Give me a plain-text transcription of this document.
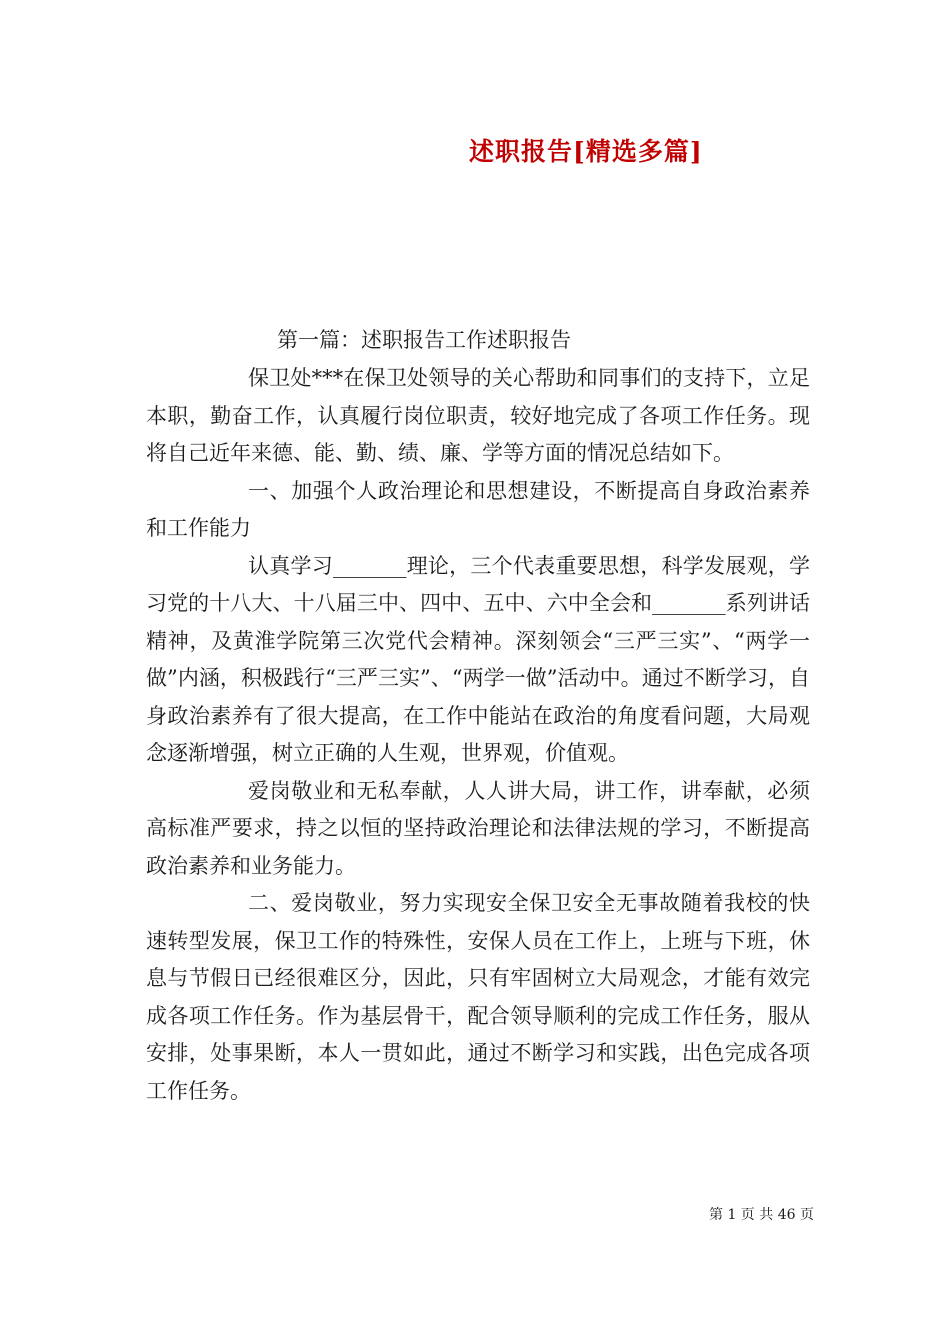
述职报告[精选多篇]
第一篇：述职报告工作述职报告

保卫处***在保卫处领导的关心帮助和同事们的支持下，立足本职，勤奋工作，认真履行岗位职责，较好地完成了各项工作任务。现将自己近年来德、能、勤、绩、廉、学等方面的情况总结如下。

一、加强个人政治理论和思想建设，不断提高自身政治素养和工作能力

认真学习_______理论，三个代表重要思想，科学发展观，学习党的十八大、十八届三中、四中、五中、六中全会和_______系列讲话精神，及黄淮学院第三次党代会精神。深刻领会“三严三实”、“两学一做”内涵，积极践行“三严三实”、“两学一做”活动中。通过不断学习，自身政治素养有了很大提高，在工作中能站在政治的角度看问题，大局观念逐渐增强，树立正确的人生观，世界观，价值观。

爱岗敬业和无私奉献，人人讲大局，讲工作，讲奉献，必须高标准严要求，持之以恒的坚持政治理论和法律法规的学习，不断提高政治素养和业务能力。

二、爱岗敬业，努力实现安全保卫安全无事故随着我校的快速转型发展，保卫工作的特殊性，安保人员在工作上，上班与下班，休息与节假日已经很难区分，因此，只有牢固树立大局观念，才能有效完成各项工作任务。作为基层骨干，配合领导顺利的完成工作任务，服从安排，处事果断，本人一贯如此，通过不断学习和实践，出色完成各项工作任务。

第 1 页 共 46 页
